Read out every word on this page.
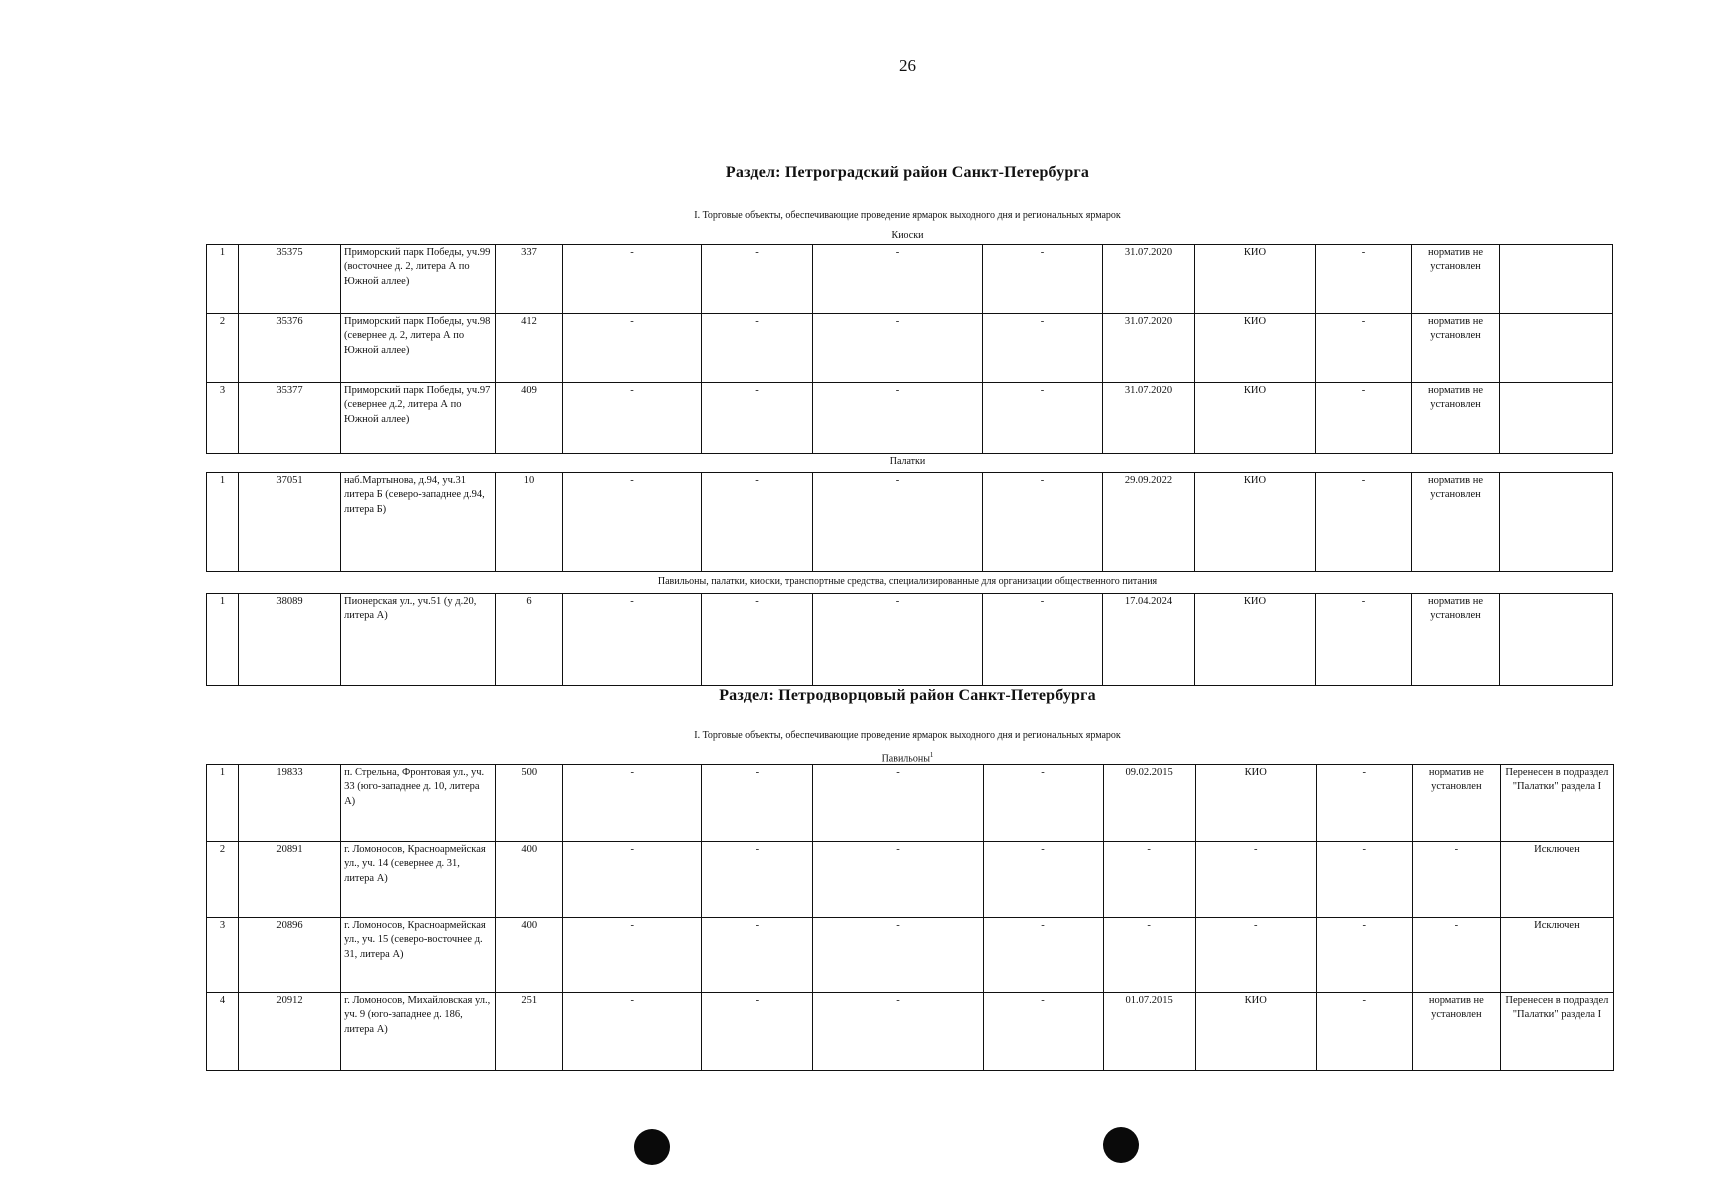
26
Раздел: Петроградский район Санкт-Петербурга
I. Торговые объекты, обеспечивающие проведение ярмарок выходного дня и региональных ярмарок
Киоски
1	35375	Приморский парк Победы, уч.99 (восточнее д. 2, литера А по Южной аллее)	337	-	-	-	-	31.07.2020	КИО	-	норматив не установлен	
2	35376	Приморский парк Победы, уч.98 (севернее д. 2, литера А по Южной аллее)	412	-	-	-	-	31.07.2020	КИО	-	норматив не установлен	
3	35377	Приморский парк Победы, уч.97 (севернее д.2, литера А по Южной аллее)	409	-	-	-	-	31.07.2020	КИО	-	норматив не установлен	
Палатки
1	37051	наб.Мартынова, д.94, уч.31 литера Б (северо-западнее д.94, литера Б)	10	-	-	-	-	29.09.2022	КИО	-	норматив не установлен	
Павильоны, палатки, киоски, транспортные средства, специализированные для организации общественного питания
1	38089	Пионерская ул., уч.51 (у д.20, литера А)	6	-	-	-	-	17.04.2024	КИО	-	норматив не установлен	
Раздел: Петродворцовый район Санкт-Петербурга
I. Торговые объекты, обеспечивающие проведение ярмарок выходного дня и региональных ярмарок
Павильоны$^1$
1	19833	п. Стрельна, Фронтовая ул., уч. 33 (юго-западнее д. 10, литера А)	500	-	-	-	-	09.02.2015	КИО	-	норматив не установлен	Перенесен в подраздел "Палатки" раздела I
2	20891	г. Ломоносов, Красноармейская ул., уч. 14 (севернее д. 31, литера А)	400	-	-	-	-	-	-	-	-	Исключен
3	20896	г. Ломоносов, Красноармейская ул., уч. 15 (северо-восточнее д. 31, литера А)	400	-	-	-	-	-	-	-	-	Исключен
4	20912	г. Ломоносов, Михайловская ул., уч. 9 (юго-западнее д. 186, литера А)	251	-	-	-	-	01.07.2015	КИО	-	норматив не установлен	Перенесен в подраздел "Палатки" раздела I
